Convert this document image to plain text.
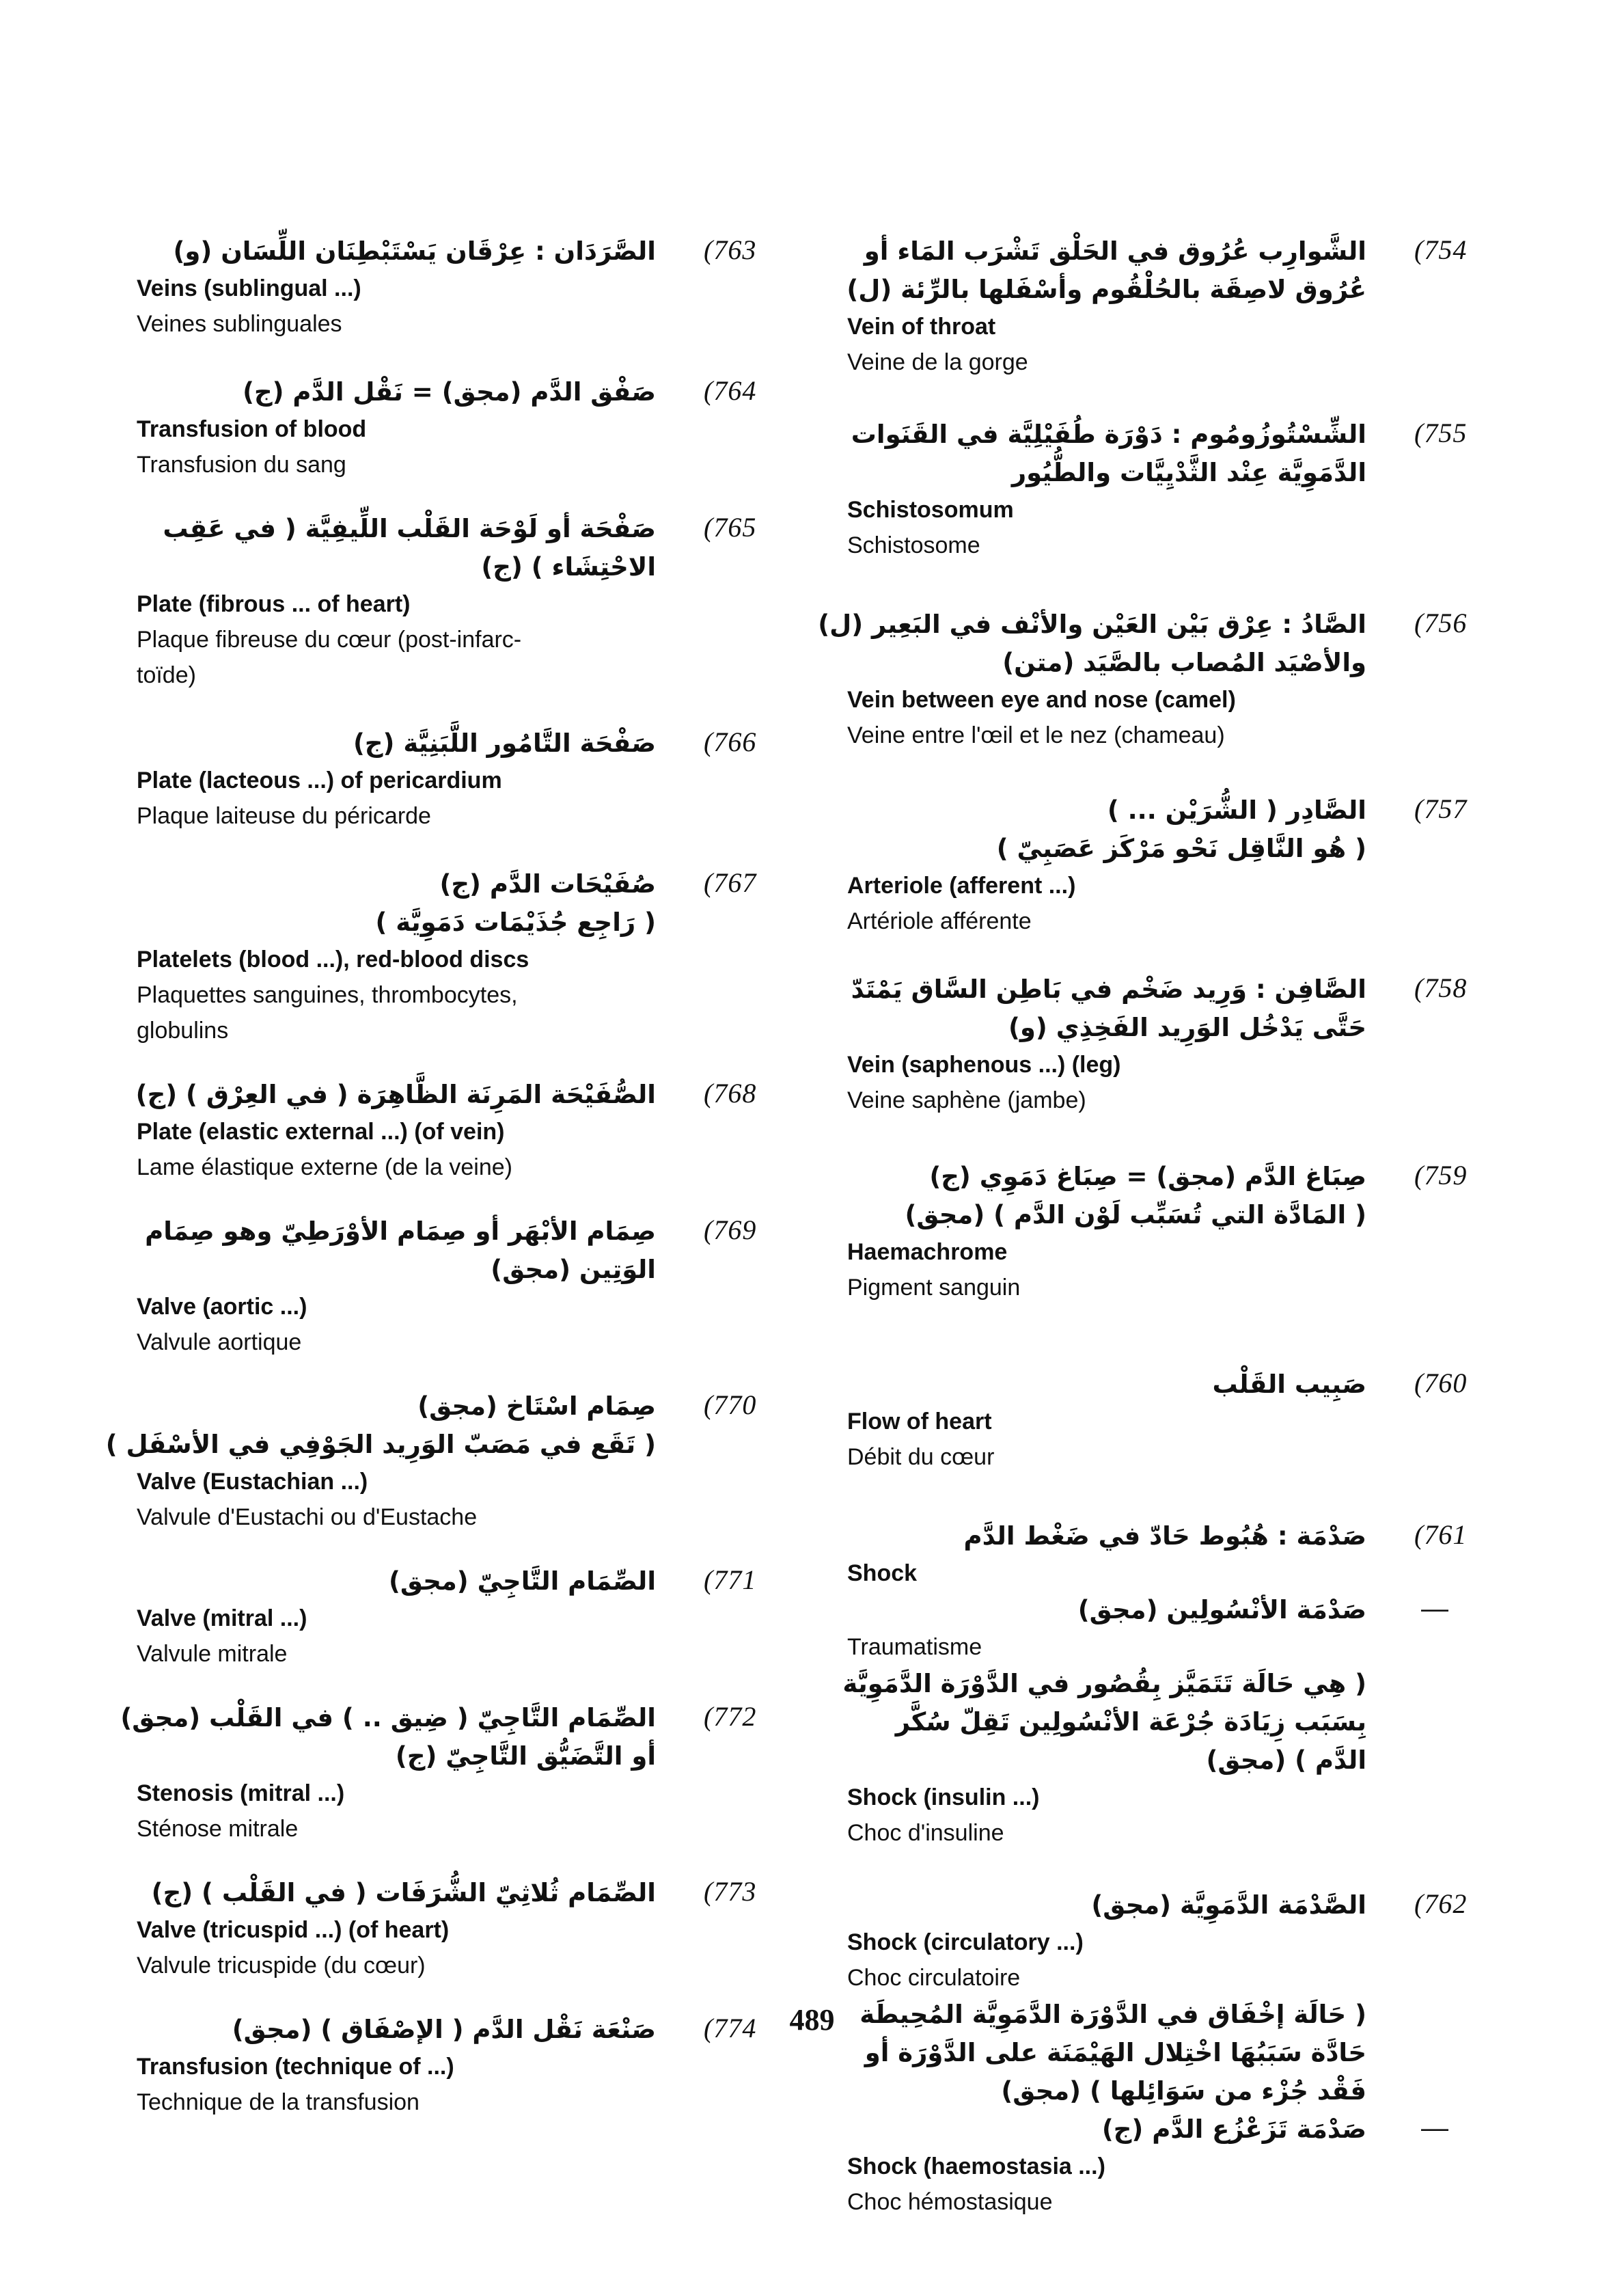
(754
الشَّوارِب عُرُوق في الحَلْق تَشْرَب المَاء أو
عُرُوق لاصِقَة بالحُلْقُوم وأسْفَلها بالرِّئة (ل)
Vein of throat
Veine de la gorge
(755
الشِّسْتُوزُومُوم : دَوْرَة طُفَيْلِيَّة في القَنَوات
الدَّمَوِيَّة عِنْد الثَّدْيِيَّات والطُّيُور
Schistosomum
Schistosome
(756
الصَّادُ : عِرْق بَيْن العَيْن والأنْف في البَعِير (ل)
والأصْيَد المُصاب بالصَّيَد (متن)
Vein between eye and nose (camel)
Veine entre l'œil et le nez (chameau)
(757
الصَّادِر ( الشُّرَيْن ... )
( هُو النَّاقِل نَحْو مَرْكَز عَصَبِيّ )
Arteriole (afferent ...)
Artériole afférente
(758
الصَّافِن : وَرِيد ضَخْم في بَاطِن السَّاق يَمْتَدّ
حَتَّى يَدْخُل الوَرِيد الفَخِذِي (و)
Vein (saphenous ...) (leg)
Veine saphène (jambe)
(759
صِبَاغ الدَّم (مجق) = صِبَاغ دَمَوِي (ج)
( المَادَّة التي تُسَبِّب لَوْن الدَّم ) (مجق)
Haemachrome
Pigment sanguin
(760
صَبِيب القَلْب
Flow of heart
Débit du cœur
(761
صَدْمَة : هُبُوط حَادّ في ضَغْط الدَّم
Shock
—
صَدْمَة الأنْسُولِين (مجق)
Traumatisme
( هِي حَالَة تَتَمَيَّز بِقُصُور في الدَّوْرَة الدَّمَوِيَّة
بِسَبَب زِيَادَة جُرْعَة الأنْسُولِين تَقِلّ سُكَّر
الدَّم ) (مجق)
Shock (insulin ...)
Choc d'insuline
(762
الصَّدْمَة الدَّمَوِيَّة (مجق)
Shock (circulatory ...)
Choc circulatoire
( حَالَة إخْفَاق في الدَّوْرَة الدَّمَوِيَّة المُحِيطَة
حَادَّة سَبَبُهَا اخْتِلال الهَيْمَنَة على الدَّوْرَة أو
فَقْد جُزْء من سَوَائِلها ) (مجق)
—
صَدْمَة تَزَعْزُع الدَّم (ج)
Shock (haemostasia ...)
Choc hémostasique
(763
الصَّرَدَان : عِرْقَان يَسْتَبْطِنَان اللِّسَان (و)
Veins (sublingual ...)
Veines sublinguales
(764
صَفْق الدَّم (مجق) = نَقْل الدَّم (ج)
Transfusion of blood
Transfusion du sang
(765
صَفْحَة أو لَوْحَة القَلْب اللِّيفِيَّة ( في عَقِب
الاحْتِشَاء ) (ج)
Plate (fibrous ... of heart)
Plaque fibreuse du cœur (post-infarc-
toïde)
(766
صَفْحَة التَّامُور اللَّبَنِيَّة (ج)
Plate (lacteous ...) of pericardium
Plaque laiteuse du péricarde
(767
صُفَيْحَات الدَّم (ج)
( رَاجِع جُذَيْمَات دَمَوِيَّة )
Platelets (blood ...), red-blood discs
Plaquettes sanguines, thrombocytes,
globulins
(768
الصُّفَيْحَة المَرِنَة الظَّاهِرَة ( في العِرْق ) (ج)
Plate (elastic external ...) (of vein)
Lame élastique externe (de la veine)
(769
صِمَام الأبْهَر أو صِمَام الأوْرَطِيّ وهو صِمَام
الوَتِين (مجق)
Valve (aortic ...)
Valvule aortique
(770
صِمَام اسْتَاخ (مجق)
( تَقَع في مَصَبّ الوَرِيد الجَوْفِي في الأسْفَل )
Valve (Eustachian ...)
Valvule d'Eustachi ou d'Eustache
(771
الصِّمَام التَّاجِيّ (مجق)
Valve (mitral ...)
Valvule mitrale
(772
الصِّمَام التَّاجِيّ ( ضِيق .. ) في القَلْب (مجق)
أو التَّضَيُّق التَّاجِيّ (ج)
Stenosis (mitral ...)
Sténose mitrale
(773
الصِّمَام ثُلاثِيّ الشُّرَفَات ( في القَلْب ) (ج)
Valve (tricuspid ...) (of heart)
Valvule tricuspide (du cœur)
(774
صَنْعَة نَقْل الدَّم ( الإصْفَاق ) (مجق)
Transfusion (technique of ...)
Technique de la transfusion
489
